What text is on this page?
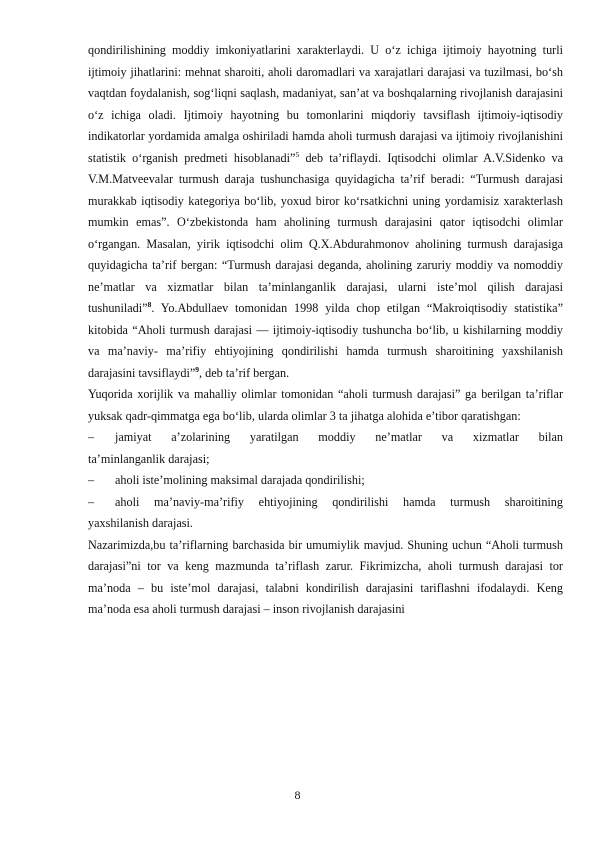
qondirilishining moddiy imkoniyatlarini xarakterlaydi. U o‘z ichiga ijtimoiy hayotning turli ijtimoiy jihatlarini: mehnat sharoiti, aholi daromadlari va xarajatlari darajasi va tuzilmasi, bo‘sh vaqtdan foydalanish, sog‘liqni saqlash, madaniyat, san’at va boshqalarning rivojlanish darajasini o‘z ichiga oladi. Ijtimoiy hayotning bu tomonlarini miqdoriy tavsiflash ijtimoiy-iqtisodiy indikatorlar yordamida amalga oshiriladi hamda aholi turmush darajasi va ijtimoiy rivojlanishini statistik o‘rganish predmeti hisoblanadi”$^5$ deb ta’riflaydi. Iqtisodchi olimlar A.V.Sidenko va V.M.Matveevalar turmush daraja tushunchasiga quyidagicha ta’rif beradi: “Turmush darajasi murakkab iqtisodiy kategoriya bo‘lib, yoxud biror ko‘rsatkichni uning yordamisiz xarakterlash mumkin emas”. O‘zbekistonda ham aholining turmush darajasini qator iqtisodchi olimlar o‘rgangan. Masalan, yirik iqtisodchi olim Q.X.Abdurahmonov aholining turmush darajasiga quyidagicha ta’rif bergan: “Turmush darajasi deganda, aholining zaruriy moddiy va nomoddiy ne’matlar va xizmatlar bilan ta’minlanganlik darajasi, ularni iste’mol qilish darajasi tushuniladi”$^8$. Yo.Abdullaev tomonidan 1998 yilda chop etilgan “Makroiqtisodiy statistika” kitobida “Aholi turmush darajasi — ijtimoiy-iqtisodiy tushuncha bo‘lib, u kishilarning moddiy va ma’naviy- ma’rifiy ehtiyojining qondirilishi hamda turmush sharoitining yaxshilanish darajasini tavsiflaydi”$^9$, deb ta’rif bergan.

Yuqorida xorijlik va mahalliy olimlar tomonidan “aholi turmush darajasi” ga berilgan ta’riflar yuksak qadr-qimmatga ega bo‘lib, ularda olimlar 3 ta jihatga alohida e’tibor qaratishgan:

–	jamiyat a’zolarining yaratilgan moddiy ne’matlar va xizmatlar bilan
ta’minlanganlik darajasi;
–	aholi iste’molining maksimal darajada qondirilishi;
–	aholi ma’naviy-ma’rifiy ehtiyojining qondirilishi hamda turmush sharoitining
yaxshilanish darajasi.

Nazarimizda,bu ta’riflarning barchasida bir umumiylik mavjud. Shuning uchun “Aholi turmush darajasi”ni tor va keng mazmunda ta’riflash zarur. Fikrimizcha, aholi turmush darajasi tor ma’noda – bu iste’mol darajasi, talabni kondirilish darajasini tariflashni ifodalaydi. Keng ma’noda esa aholi turmush darajasi – inson rivojlanish darajasini

8
